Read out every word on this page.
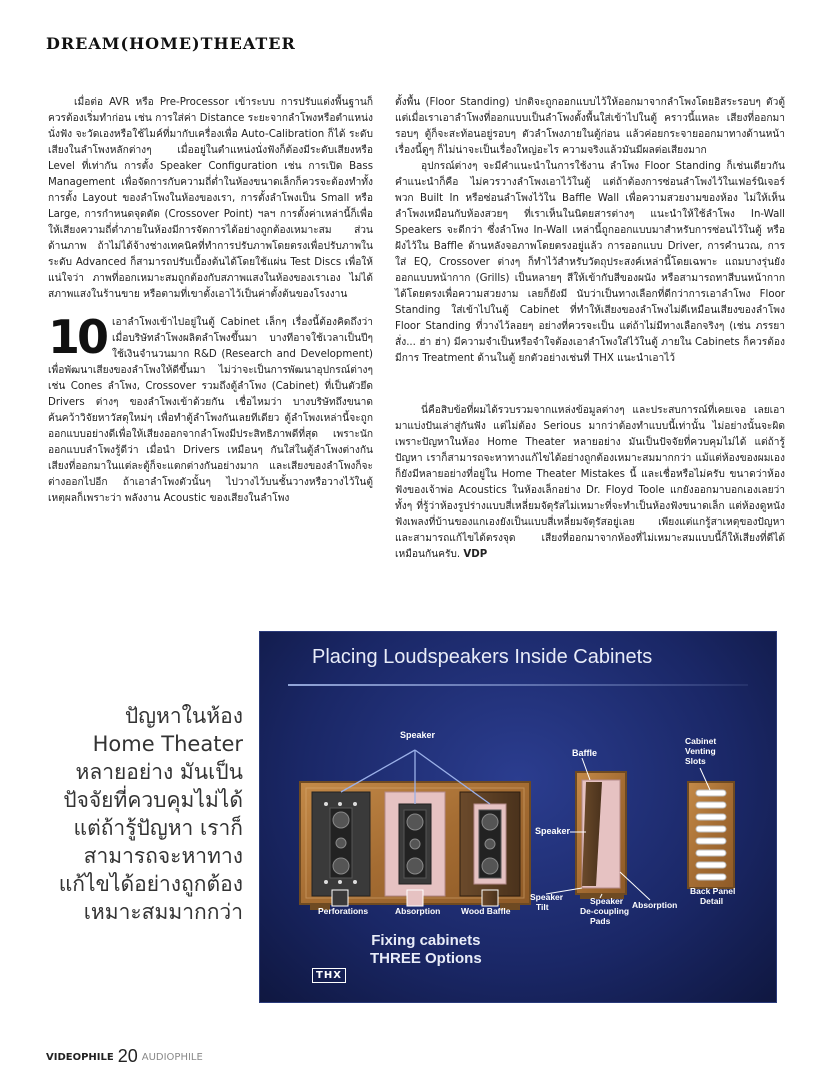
DREAM(HOME)THEATER

เมื่อต่อ AVR หรือ Pre-Processor เข้าระบบ การปรับแต่งพื้นฐานก็ควรต้องเริ่มทำก่อน เช่น การใส่ค่า Distance ระยะจากลำโพงหรือตำแหน่งนั่งฟัง จะวัดเองหรือใช้ไมค์ที่มากับเครื่องเพื่อ Auto-Calibration ก็ได้ ระดับเสียงในลำโพงหลักต่างๆ เมื่ออยู่ในตำแหน่งนั่งฟังก็ต้องมีระดับเสียงหรือ Level ที่เท่ากัน การตั้ง Speaker Configuration เช่น การเปิด Bass Management เพื่อจัดการกับความถี่ต่ำในห้องขนาดเล็กก็ควรจะต้องทำทั้งการตั้ง Layout ของลำโพงในห้องของเรา, การตั้งลำโพงเป็น Small หรือ Large, การกำหนดจุดตัด (Crossover Point) ฯลฯ การตั้งค่าเหล่านี้ก็เพื่อให้เสียงความถี่ต่ำภายในห้องมีการจัดการได้อย่างถูกต้องเหมาะสม ส่วนด้านภาพ ถ้าไม่ได้จ้างช่างเทคนิคที่ทำการปรับภาพโดยตรงเพื่อปรับภาพในระดับ Advanced ก็สามารถปรับเบื้องต้นได้โดยใช้แผ่น Test Discs เพื่อให้แน่ใจว่า ภาพที่ออกเหมาะสมถูกต้องกับสภาพแสงในห้องของเราเอง ไม่ได้สภาพแสงในร้านขาย หรือตามที่เขาตั้งเอาไว้เป็นค่าตั้งต้นของโรงงาน

10 เอาลำโพงเข้าไปอยู่ในตู้ Cabinet เล็กๆ เรื่องนี้ต้องคิดถึงว่าเมื่อบริษัทลำโพงผลิตลำโพงขึ้นมา บางทีอาจใช้เวลาเป็นปีๆ ใช้เงินจำนวนมาก R&D (Research and Development) เพื่อพัฒนาเสียงของลำโพงให้ดีขึ้นมา ไม่ว่าจะเป็นการพัฒนาอุปกรณ์ต่างๆ เช่น Cones ลำโพง, Crossover รวมถึงตู้ลำโพง (Cabinet) ที่เป็นตัวยึด Drivers ต่างๆ ของลำโพงเข้าด้วยกัน เชื่อไหมว่า บางบริษัทถึงขนาดค้นคว้าวิจัยหาวัสดุใหม่ๆ เพื่อทำตู้ลำโพงกันเลยทีเดียว ตู้ลำโพงเหล่านี้จะถูกออกแบบอย่างดีเพื่อให้เสียงออกจากลำโพงมีประสิทธิภาพดีที่สุด เพราะนักออกแบบลำโพงรู้ดีว่า เมื่อนำ Drivers เหมือนๆ กันใส่ในตู้ลำโพงต่างกัน เสียงที่ออกมาในแต่ละตู้ก็จะแตกต่างกันอย่างมาก และเสียงของลำโพงก็จะต่างออกไปอีก ถ้าเอาลำโพงตัวนั้นๆ ไปวางไว้บนชั้นวางหรือวางไว้ในตู้ เหตุผลก็เพราะว่า พลังงาน Acoustic ของเสียงในลำโพง

ตั้งพื้น (Floor Standing) ปกติจะถูกออกแบบไว้ให้ออกมาจากลำโพงโดยอิสระรอบๆ ตัวตู้ แต่เมื่อเราเอาลำโพงที่ออกแบบเป็นลำโพงตั้งพื้นใส่เข้าไปในตู้ คราวนี้แหละ เสียงที่ออกมารอบๆ ตู้ก็จะสะท้อนอยู่รอบๆ ตัวลำโพงภายในตู้ก่อน แล้วค่อยกระจายออกมาทางด้านหน้า เรื่องนี้ดูๆ ก็ไม่น่าจะเป็นเรื่องใหญ่อะไร ความจริงแล้วมันมีผลต่อเสียงมาก

อุปกรณ์ต่างๆ จะมีคำแนะนำในการใช้งาน ลำโพง Floor Standing ก็เช่นเดียวกัน คำแนะนำก็คือ ไม่ควรวางลำโพงเอาไว้ในตู้ แต่ถ้าต้องการซ่อนลำโพงไว้ในเฟอร์นิเจอร์ พวก Built In หรือซ่อนลำโพงไว้ใน Baffle Wall เพื่อความสวยงามของห้อง ไม่ให้เห็นลำโพงเหมือนกับห้องสวยๆ ที่เราเห็นในนิตยสารต่างๆ แนะนำให้ใช้ลำโพง In-Wall Speakers จะดีกว่า ซึ่งลำโพง In-Wall เหล่านี้ถูกออกแบบมาสำหรับการซ่อนไว้ในตู้ หรือฝังไว้ใน Baffle ด้านหลังจอภาพโดยตรงอยู่แล้ว การออกแบบ Driver, การคำนวณ, การใส่ EQ, Crossover ต่างๆ ก็ทำไว้สำหรับวัตถุประสงค์เหล่านี้โดยเฉพาะ แถมบางรุ่นยังออกแบบหน้ากาก (Grills) เป็นหลายๆ สีให้เข้ากับสีของผนัง หรือสามารถทาสีบนหน้ากากได้โดยตรงเพื่อความสวยงาม เลยก็ยังมี นับว่าเป็นทางเลือกที่ดีกว่าการเอาลำโพง Floor Standing ใส่เข้าไปในตู้ Cabinet ที่ทำให้เสียงของลำโพงไม่ดีเหมือนเสียงของลำโพง Floor Standing ที่วางไว้ลอยๆ อย่างที่ควรจะเป็น แต่ถ้าไม่มีทางเลือกจริงๆ (เช่น ภรรยาสั่ง... ฮ่า ฮ่า) มีความจำเป็นหรือจำใจต้องเอาลำโพงใส่ไว้ในตู้ ภายใน Cabinets ก็ควรต้องมีการ Treatment ด้านในตู้ ยกตัวอย่างเช่นที่ THX แนะนำเอาไว้

นี่คือสิบข้อที่ผมได้รวบรวมจากแหล่งข้อมูลต่างๆ และประสบการณ์ที่เคยเจอ เลยเอามาแบ่งปันเล่าสู่กันฟัง แต่ไม่ต้อง Serious มากว่าต้องทำแบบนี้เท่านั้น ไม่อย่างนั้นจะผิด เพราะปัญหาในห้อง Home Theater หลายอย่าง มันเป็นปัจจัยที่ควบคุมไม่ได้ แต่ถ้ารู้ปัญหา เราก็สามารถจะหาทางแก้ไขได้อย่างถูกต้องเหมาะสมมากกว่า แม้แต่ห้องของผมเองก็ยังมีหลายอย่างที่อยู่ใน Home Theater Mistakes นี้ และเชื่อหรือไม่ครับ ขนาดว่าห้องฟังของเจ้าพ่อ Acoustics ในห้องเล็กอย่าง Dr. Floyd Toole แกยังออกมาบอกเองเลยว่า ทั้งๆ ที่รู้ว่าห้องรูปร่างแบบสี่เหลี่ยมจัตุรัสไม่เหมาะที่จะทำเป็นห้องฟังขนาดเล็ก แต่ห้องดูหนังฟังเพลงที่บ้านของแกเองยังเป็นแบบสี่เหลี่ยมจัตุรัสอยู่เลย เพียงแต่แกรู้สาเหตุของปัญหา และสามารถแก้ไขได้ตรงจุด เสียงที่ออกมาจากห้องที่ไม่เหมาะสมแบบนี้ก็ให้เสียงที่ดีได้เหมือนกันครับ. VDP

ปัญหาในห้อง
Home Theater
หลายอย่าง มันเป็น
ปัจจัยที่ควบคุมไม่ได้
แต่ถ้ารู้ปัญหา เราก็
สามารถจะหาทาง
แก้ไขได้อย่างถูกต้อง
เหมาะสมมากกว่า
Placing Loudspeakers Inside Cabinets
Speaker
Baffle
Speaker
Cabinet
Venting
Slots
Speaker
Tilt
Speaker
De-coupling
Pads
Absorption
Back Panel
Detail
Perforations	Absorption Wood Baffle
Fixing cabinets
THREE Options
THX
VIDEOPHILE 20 AUDIOPHILE
